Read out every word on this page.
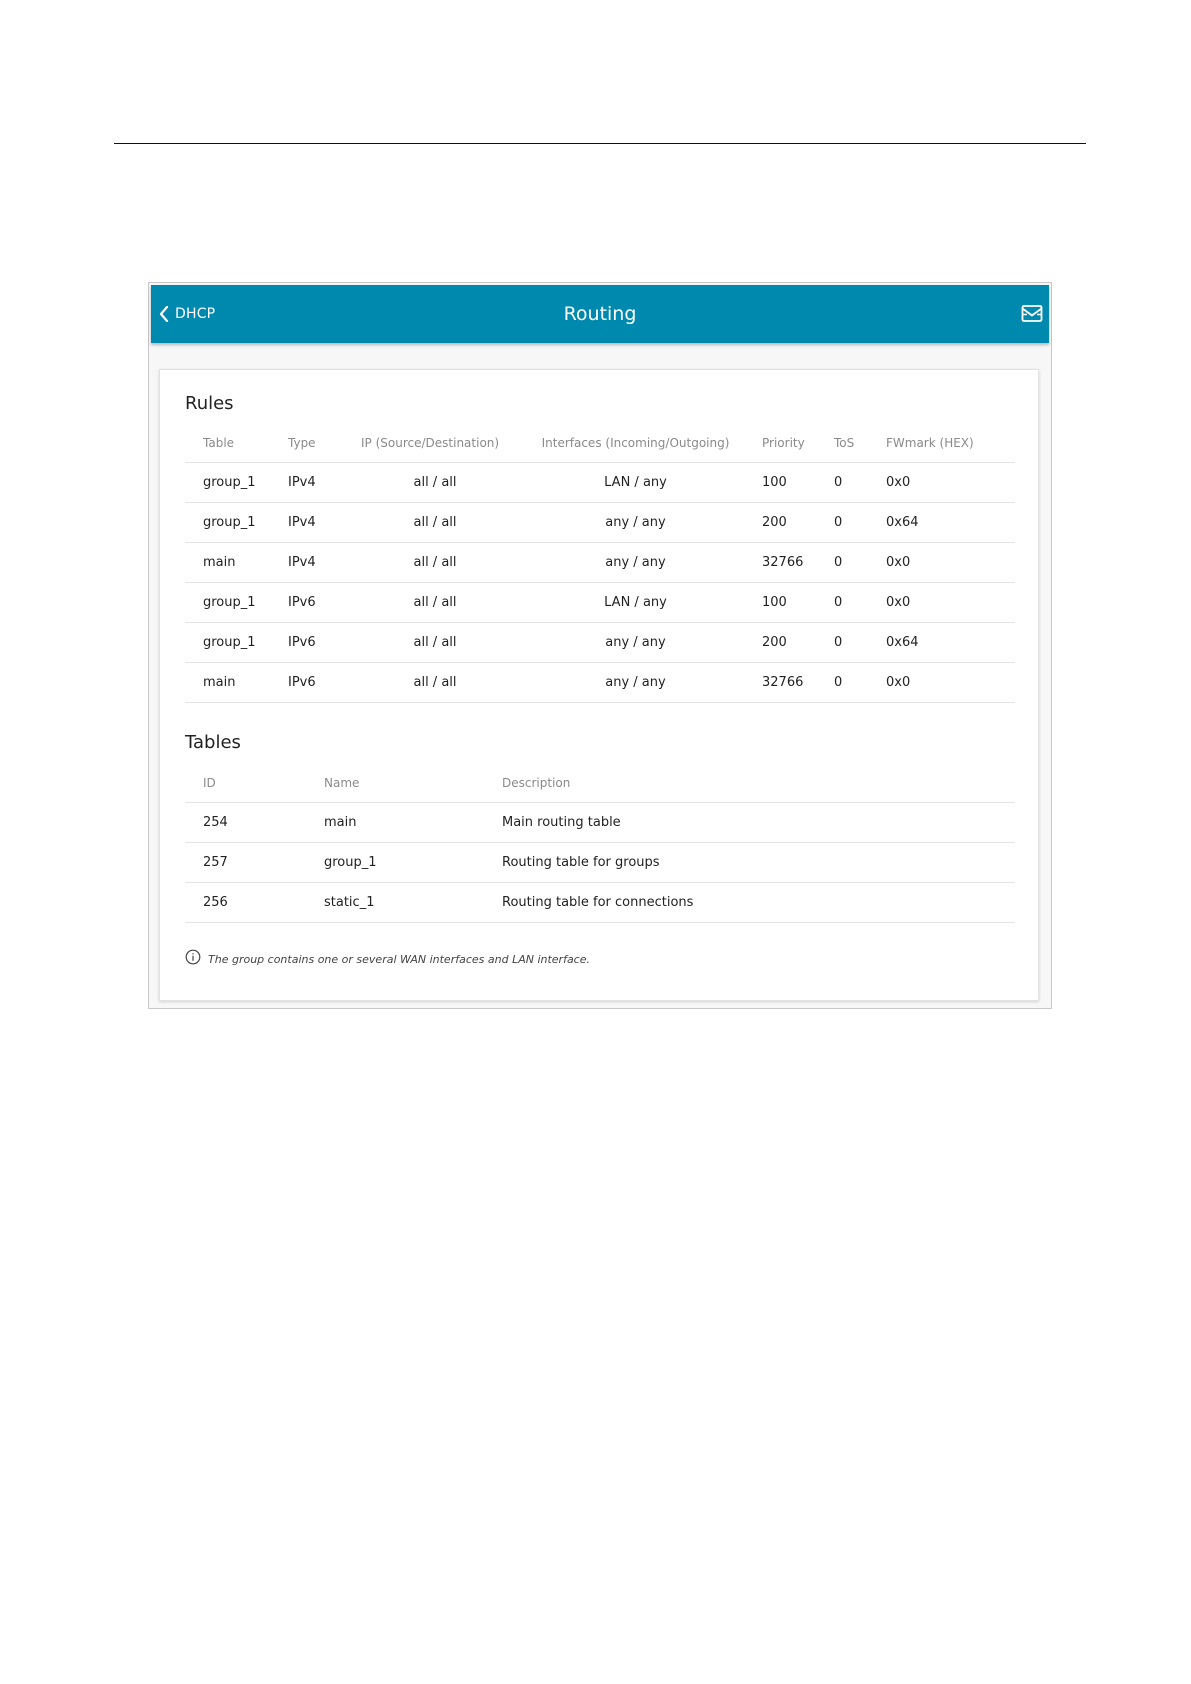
DHCP	Routing
Rules
Table	Type	IP (Source/Destination)	Interfaces (Incoming/Outgoing)	Priority	ToS	FWmark (HEX)
group_1	IPv4	all / all	LAN / any	100	0	0x0
group_1	IPv4	all / all	any / any	200	0	0x64
main	IPv4	all / all	any / any	32766	0	0x0
group_1	IPv6	all / all	LAN / any	100	0	0x0
group_1	IPv6	all / all	any / any	200	0	0x64
main	IPv6	all / all	any / any	32766	0	0x0
Tables
ID	Name	Description
254	main	Main routing table
257	group_1	Routing table for groups
256	static_1	Routing table for connections
The group contains one or several WAN interfaces and LAN interface.
